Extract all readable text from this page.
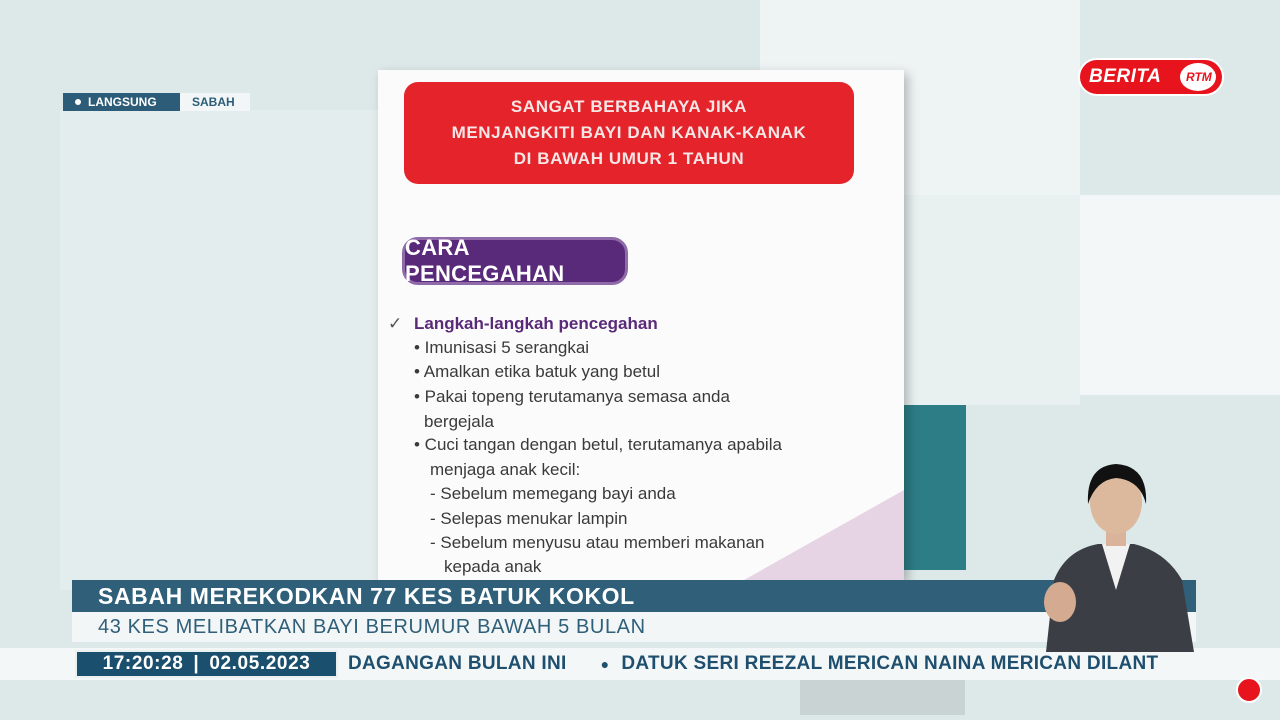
LANGSUNG	SABAH
BERITA RTM
SANGAT BERBAHAYA JIKA
MENJANGKITI BAYI DAN KANAK-KANAK
DI BAWAH UMUR 1 TAHUN
CARA PENCEGAHAN
✓ Langkah-langkah pencegahan
• Imunisasi 5 serangkai
• Amalkan etika batuk yang betul
• Pakai topeng terutamanya semasa anda
bergejala
• Cuci tangan dengan betul, terutamanya apabila
menjaga anak kecil:
- Sebelum memegang bayi anda
- Selepas menukar lampin
- Sebelum menyusu atau memberi makanan
kepada anak
SABAH MEREKODKAN 77 KES BATUK KOKOL
43 KES MELIBATKAN BAYI BERUMUR BAWAH 5 BULAN
17:20:28 | 02.05.2023 DAGANGAN BULAN INI ● DATUK SERI REEZAL MERICAN NAINA MERICAN DILANT
